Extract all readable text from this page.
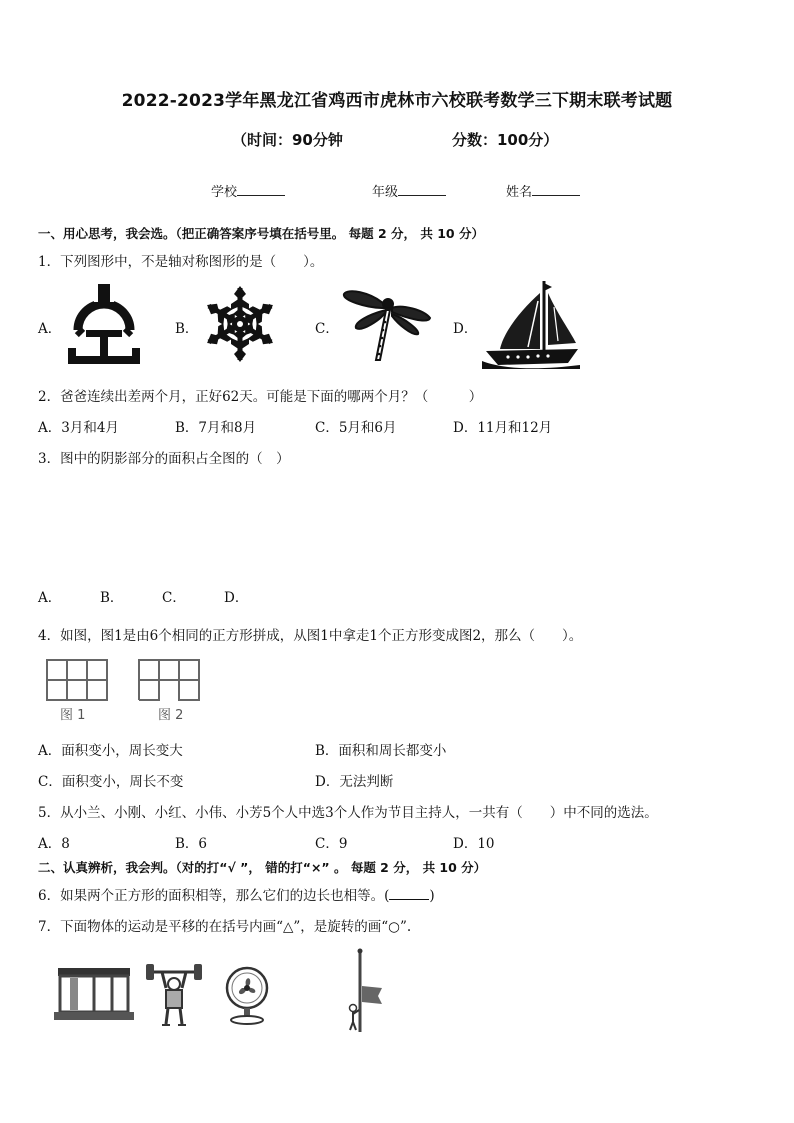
2022-2023学年黑龙江省鸡西市虎林市六校联考数学三下期末联考试题
（时间：90分钟	分数：100分）
学校	年级	姓名
一、用心思考，我会选。（把正确答案序号填在括号里。 每题 2 分， 共 10 分）
1．下列图形中，不是轴对称图形的是（　　）。
A．	B．	C．	D．
2．爸爸连续出差两个月，正好62天。可能是下面的哪两个月？（　　　）
A．3月和4月	B．7月和8月	C．5月和6月	D．11月和12月
3．图中的阴影部分的面积占全图的（　）
A．	B．	C．	D．
4．如图，图1是由6个相同的正方形拼成，从图1中拿走1个正方形变成图2，那么（　　）。
图 1	图 2
A．面积变小，周长变大	B．面积和周长都变小
C．面积变小，周长不变	D．无法判断
5．从小兰、小刚、小红、小伟、小芳5个人中选3个人作为节目主持人，一共有（　　）中不同的选法。
A．8	B．6	C．9	D．10
二、认真辨析，我会判。（对的打“√ ”， 错的打“×” 。 每题 2 分， 共 10 分）
6．如果两个正方形的面积相等，那么它们的边长也相等。(	)
7．下面物体的运动是平移的在括号内画“△”，是旋转的画“○”.
